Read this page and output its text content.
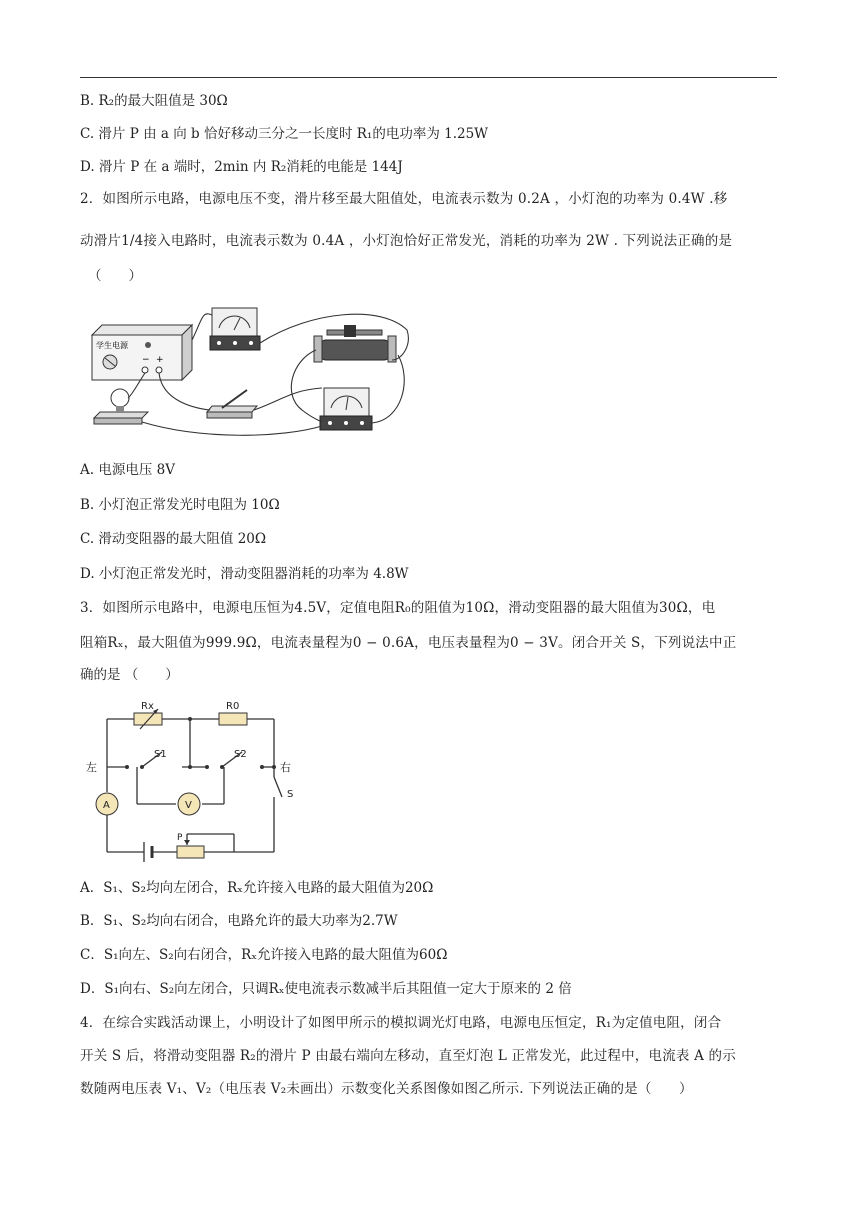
B. R₂的最大阻值是 30Ω
C. 滑片 P 由 a 向 b 恰好移动三分之一长度时 R₁的电功率为 1.25W
D. 滑片 P 在 a 端时，2min 内 R₂消耗的电能是 144J
2．如图所示电路，电源电压不变，滑片移至最大阻值处，电流表示数为 0.2A ，小灯泡的功率为 0.4W .移
动滑片1/4接入电路时，电流表示数为 0.4A ，小灯泡恰好正常发光，消耗的功率为 2W . 下列说法正确的是
（　　）
学生电源
− +
A. 电源电压 8V
B. 小灯泡正常发光时电阻为 10Ω
C. 滑动变阻器的最大阻值 20Ω
D. 小灯泡正常发光时，滑动变阻器消耗的功率为 4.8W
3．如图所示电路中，电源电压恒为4.5V，定值电阻R₀的阻值为10Ω，滑动变阻器的最大阻值为30Ω，电
阻箱Rₓ，最大阻值为999.9Ω，电流表量程为0 − 0.6A，电压表量程为0 − 3V。闭合开关 S，下列说法中正
确的是 （　　）
Rx	R0
S1	S2
S
左	右
A	V
P
A．S₁、S₂均向左闭合，Rₓ允许接入电路的最大阻值为20Ω
B．S₁、S₂均向右闭合，电路允许的最大功率为2.7W
C．S₁向左、S₂向右闭合，Rₓ允许接入电路的最大阻值为60Ω
D．S₁向右、S₂向左闭合，只调Rₓ使电流表示数减半后其阻值一定大于原来的 2 倍
4．在综合实践活动课上，小明设计了如图甲所示的模拟调光灯电路，电源电压恒定，R₁为定值电阻，闭合
开关 S 后，将滑动变阻器 R₂的滑片 P 由最右端向左移动，直至灯泡 L 正常发光，此过程中，电流表 A 的示
数随两电压表 V₁、V₂（电压表 V₂未画出）示数变化关系图像如图乙所示. 下列说法正确的是（　　）
